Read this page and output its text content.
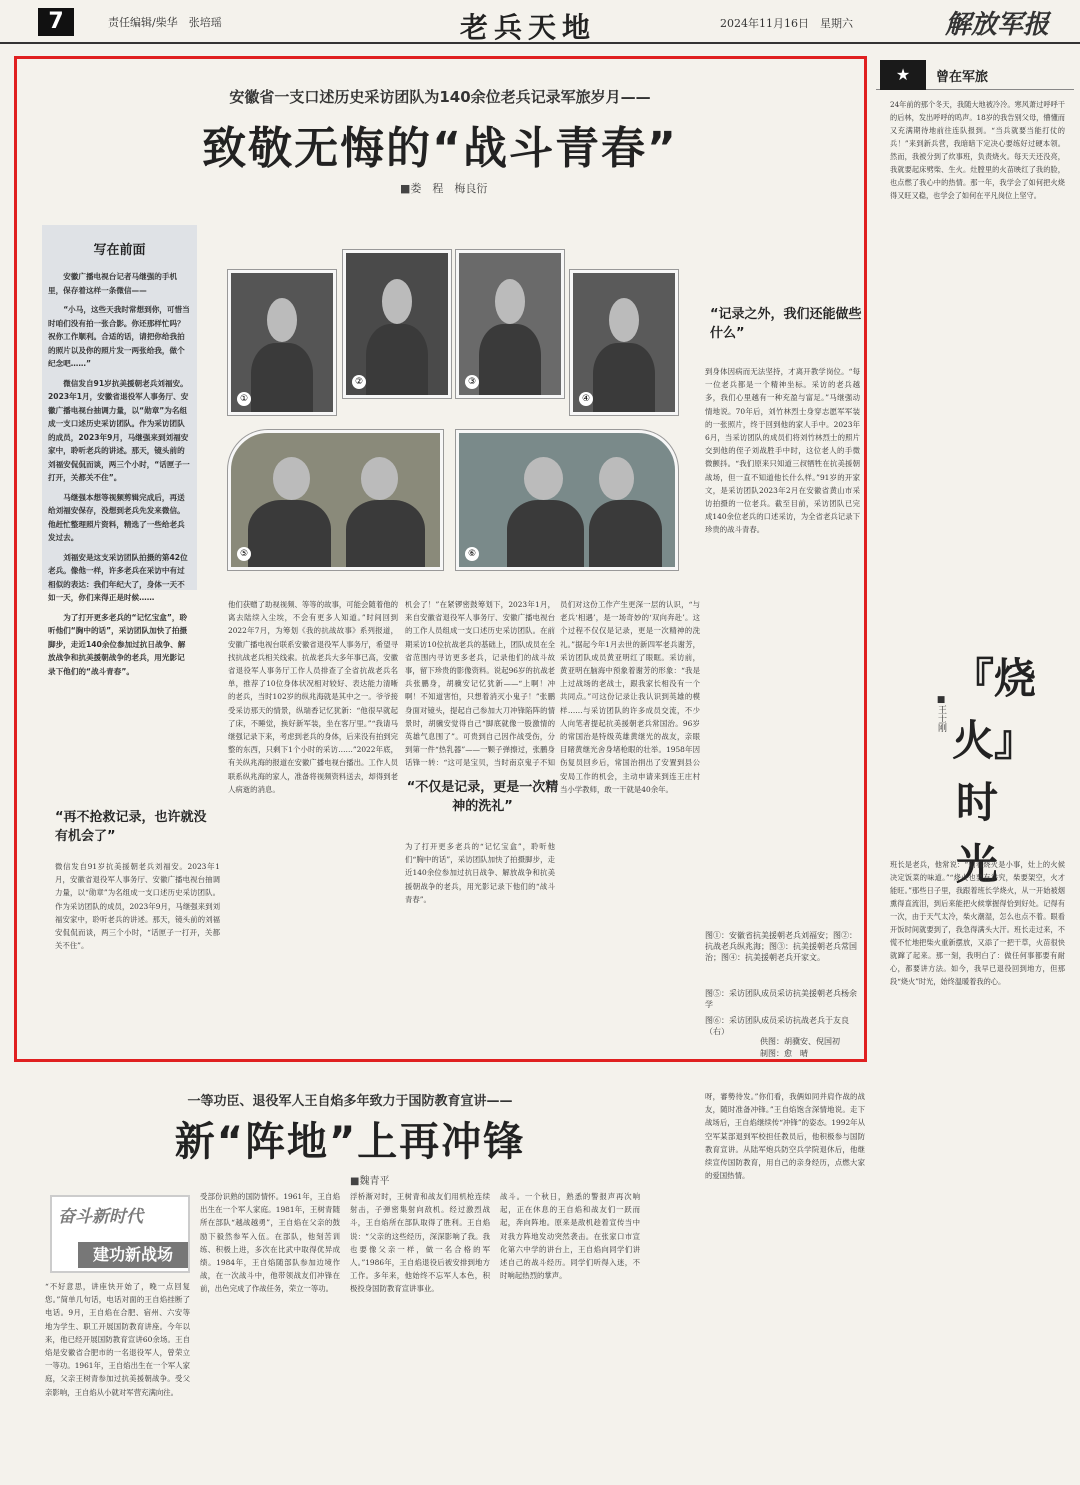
7	责任编辑/柴华　张培瑶	老兵天地	2024年11月16日　星期六	解放军报
安徽省一支口述历史采访团队为140余位老兵记录军旅岁月——
致敬无悔的“战斗青春”
■娄　程　梅良衍
写在前面

安徽广播电视台记者马继强的手机里，保存着这样一条微信——

“小马，这些天我时常想到你，可惜当时咱们没有拍一张合影。你还那样忙吗？祝你工作顺利。合适的话，请把你给我拍的照片以及你的照片发一两张给我，做个纪念吧……”

微信发自91岁抗美援朝老兵刘福安。2023年1月，安徽省退役军人事务厅、安徽广播电视台抽调力量，以“勋章”为名组成一支口述历史采访团队。作为采访团队的成员，2023年9月，马继强来到刘福安家中，聆听老兵的讲述。那天，镜头前的刘福安侃侃而谈，两三个小时，“话匣子一打开，关都关不住”。

马继强本想等视频剪辑完成后，再送给刘福安保存，没想到老兵先发来微信。他赶忙整理照片资料，精选了一些给老兵发过去。

刘福安是这支采访团队拍摄的第42位老兵。像他一样，许多老兵在采访中有过相似的表达：我们年纪大了，身体一天不如一天，你们来得正是时候……

为了打开更多老兵的“记忆宝盒”，聆听他们“胸中的话”，采访团队加快了拍摄脚步，走近140余位参加过抗日战争、解放战争和抗美援朝战争的老兵，用光影记录下他们的“战斗青春”。

①
②	③
④
⑤	⑥
“记录之外，我们还能做些什么”
“不仅是记录，更是一次精神的洗礼”
“再不抢救记录，也许就没有机会了”
到身体因病而无法坚持，才离开教学岗位。“每一位老兵都是一个精神坐标。采访的老兵越多，我们心里越有一种充盈与富足。”马继强动情地说。70年后，刘竹林烈士身穿志愿军军装的一张照片，终于回到他的家人手中。2023年6月，当采访团队的成员们将刘竹林烈士的照片交到他的侄子刘战胜手中时，这位老人的手微微颤抖。“我们原来只知道三叔牺牲在抗美援朝战场，但一直不知道他长什么样。”91岁的开家文，是采访团队2023年2月在安徽省黄山市采访拍摄的一位老兵。截至目前，采访团队已完成140余位老兵的口述采访，为全省老兵记录下珍贵的战斗青春。
他们获赠了助视视频、等等的故事，可能会随着他的离去陆续入尘埃，不会有更多人知道。”时间回到2022年7月，为筹划《我的抗战故事》系列报道，安徽广播电视台联系安徽省退役军人事务厅，希望寻找抗战老兵相关线索。抗战老兵大多年事已高，安徽省退役军人事务厅工作人员排查了全省抗战老兵名单，推荐了10位身体状况相对较好、表达能力清晰的老兵，当时102岁的纵兆海就是其中之一。爷爷接受采访那天的情景，纵瑞香记忆犹新：“他很早就起了床，不睡觉，换好新军装，坐在客厅里。”“我请马继强记录下来，考虑到老兵的身体，后来没有拍到完整的东西，只剩下1个小时的采访……”2022年底，有关纵兆海的报道在安徽广播电视台播出。工作人员联系纵兆海的家人，准备将视频资料送去，却得到老人病逝的消息。
机会了！”在紧锣密鼓筹划下，2023年1月，来自安徽省退役军人事务厅、安徽广播电视台的工作人员组成一支口述历史采访团队。在前期采访10位抗战老兵的基础上，团队成员在全省范围内寻访更多老兵，记录他们的战斗故事，留下珍贵的影像资料。说起96岁的抗战老兵张鹏身，胡骥安记忆犹新——“上啊！冲啊！不知道害怕，只想着消灭小鬼子！”张鹏身面对镜头，提起自己参加大刀冲锋陷阵的情景时，胡骥安觉得自己“脚底就像一股激情的英雄气息围了”。可贵到自己因作战受伤，分到第一件“热乳器”——一颗子弹擦过，张鹏身话锋一转：“这可是宝贝，当时南京鬼子不知
员们对这份工作产生更深一层的认识，“与老兵‘相遇’，是一场奇妙的‘双向奔赴’。这个过程不仅仅是记录，更是一次精神的洗礼。”据起今年1月去世的新四军老兵谢芳，采访团队成员黄亚明红了眼眶。采访前，黄亚明在脑海中预象着谢芳的形象：“我是上过战场的老战士，跟我家长相没有一个共同点。”可这份记录让我认识到英雄的模样……与采访团队的许多成员交流，不少人向笔者提起抗美援朝老兵常国治。96岁的常国治是特级英雄黄继光的战友，亲眼目睹黄继光舍身堵枪眼的壮举。1958年因伤复员回乡后，常国治捐出了安置到县公安局工作的机会，主动申请来到连王庄村当小学教师，敢一干就是40余年。
为了打开更多老兵的“记忆宝盒”，聆听他们“胸中的话”，采访团队加快了拍摄脚步，走近140余位参加过抗日战争、解放战争和抗美援朝战争的老兵，用光影记录下他们的“战斗青春”。
微信发自91岁抗美援朝老兵刘福安。2023年1月，安徽省退役军人事务厅、安徽广播电视台抽调力量，以“勋章”为名组成一支口述历史采访团队。作为采访团队的成员，2023年9月，马继强来到刘福安家中，聆听老兵的讲述。那天，镜头前的刘福安侃侃而谈，两三个小时，“话匣子一打开，关都关不住”。
图①：安徽省抗美援朝老兵刘福安；图②：抗战老兵纵兆海；图③：抗美援朝老兵常国治；图④：抗美援朝老兵开家文。
图⑤：采访团队成员采访抗美援朝老兵杨余学
图⑥：采访团队成员采访抗战老兵于友良（右）
供图：胡骥安、倪国初
制图：愈　晴
★	曾在军旅
24年前的那个冬天，我随大地被冷冷。寒风萧过呼呼干的后林，发出呼呼的呜声。18岁的我告别父母，懵懂而又充满期待地前往连队报到。“当兵就要当能打仗的兵！”来到新兵营，我暗暗下定决心要练好过硬本领。然而，我被分到了炊事班，负责烧火。每天天还没亮，我就要起床劈柴、生火。灶膛里的火苗映红了我的脸，也点燃了我心中的热情。那一年，我学会了如何把火烧得又旺又稳，也学会了如何在平凡岗位上坚守。
『烧火』时光
■王士刚
班长是老兵，他常说：“别看烧火是小事，灶上的火候决定饭菜的味道。”“烧火也要有讲究，柴要架空，火才能旺。”那些日子里，我跟着班长学烧火，从一开始被烟熏得直流泪，到后来能把火候掌握得恰到好处。记得有一次，由于天气太冷，柴火潮湿，怎么也点不着。眼看开饭时间就要到了，我急得满头大汗。班长走过来，不慌不忙地把柴火重新摆放，又添了一把干草，火苗很快就蹿了起来。那一刻，我明白了：做任何事都要有耐心，都要讲方法。如今，我早已退役回到地方，但那段“烧火”时光，始终温暖着我的心。
一等功臣、退役军人王自焰多年致力于国防教育宣讲——
新“阵地”上再冲锋
■魏青平
奋斗新时代
建功新战场
“不好意思，讲座快开始了，晚一点回复您。”简单几句话，电话对面的王自焰挂断了电话。9月，王自焰在合肥、宿州、六安等地为学生、职工开展国防教育讲座。今年以来，他已经开展国防教育宣讲60余场。王自焰是安徽省合肥市的一名退役军人，曾荣立一等功。1961年，王自焰出生在一个军人家庭，父亲王树青参加过抗美援朝战争。受父亲影响，王自焰从小就对军营充满向往。
受部份识熟的国防情怀。1961年，王自焰出生在一个军人家庭。1981年，王树青随所在部队“越战越勇”，王自焰在父亲的鼓励下毅然参军入伍。在部队，他刻苦训练、积极上进，多次在比武中取得优异成绩。1984年，王自焰随部队参加边境作战，在一次战斗中，他带领战友们冲锋在前，出色完成了作战任务，荣立一等功。
浮桥渐对时，王树青和战友们用机枪连续射击，子弹密集射向敌机。经过激烈战斗，王自焰所在部队取得了胜利。王自焰说：“父亲的这些经历，深深影响了我。我也要像父亲一样，做一名合格的军人。”1986年，王自焰退役后被安排到地方工作。多年来，他始终不忘军人本色，积极投身国防教育宣讲事业。
战斗。一个秋日，熟悉的警报声再次响起，正在休息的王自焰和战友们一跃而起，奔向阵地。原来是敌机趁着宣传当中对我方阵地发动突然袭击。在张家口市宣化第六中学的讲台上，王自焰向同学们讲述自己的战斗经历。同学们听得入迷，不时响起热烈的掌声。
呀，審勢待发。”你们看，我俩如同并肩作战的战友，随时准备冲锋。”王自焰饱含深情地说。走下战场后，王自焰继续传“冲锋”的姿态。1992年从空军某部退到军校担任教员后，他积极参与国防教育宣讲。从陆军炮兵防空兵学院退休后，他继续宣传国防教育，用自己的亲身经历，点燃大家的爱国热情。
